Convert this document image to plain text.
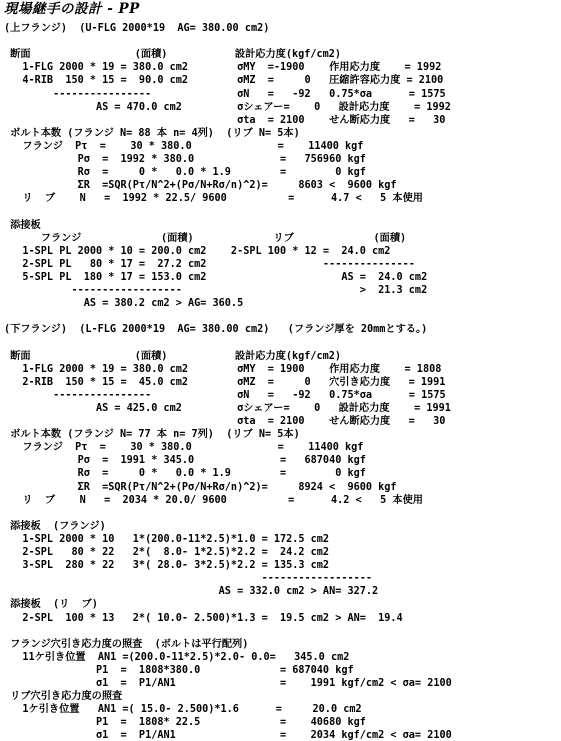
現場継手の設計 - PP
(上フランジ)  (U-FLG 2000*19  AG= 380.00 cm2)
断面                 (面積)           設計応力度(kgf/cm2)
1-FLG 2000 * 19 = 380.0 cm2        σMY  =-1900    作用応力度    = 1992
4-RIB  150 * 15 =  90.0 cm2        σMZ  =     0   圧縮許容応力度 = 2100
----------------              σN   =   -92   0.75*σa      = 1575
AS = 470.0 cm2         σシェアー=    0   設計応力度    = 1992
σta  = 2100    せん断応力度   =   30
ボルト本数 (フランジ N= 88 本 n= 4列)  (リブ N= 5本)
フランジ  Pτ  =    30 * 380.0              =    11400 kgf
Pσ  =  1992 * 380.0              =   756960 kgf
Rσ  =     0 *   0.0 * 1.9        =        0 kgf
ΣR  =SQR(Pτ/N^2+(Pσ/N+Rσ/n)^2)=     8603 <  9600 kgf
リ  ブ    N   =  1992 * 22.5/ 9600          =      4.7 <   5 本使用
添接板
フランジ             (面積)             リブ             (面積)
1-SPL PL 2000 * 10 = 200.0 cm2    2-SPL 100 * 12 =  24.0 cm2
2-SPL PL   80 * 17 =  27.2 cm2                   ---------------
5-SPL PL  180 * 17 = 153.0 cm2                      AS =  24.0 cm2
------------------                             >  21.3 cm2
AS = 380.2 cm2 > AG= 360.5
(下フランジ)  (L-FLG 2000*19  AG= 380.00 cm2)   (フランジ厚を 20mmとする。)
断面                 (面積)           設計応力度(kgf/cm2)
1-FLG 2000 * 19 = 380.0 cm2        σMY  = 1900    作用応力度    = 1808
2-RIB  150 * 15 =  45.0 cm2        σMZ  =     0   穴引き応力度   = 1991
----------------              σN   =   -92   0.75*σa      = 1575
AS = 425.0 cm2         σシェアー=    0   設計応力度    = 1991
σta  = 2100    せん断応力度   =   30
ボルト本数 (フランジ N= 77 本 n= 7列)  (リブ N= 5本)
フランジ  Pτ  =    30 * 380.0              =    11400 kgf
Pσ  =  1991 * 345.0              =   687040 kgf
Rσ  =     0 *   0.0 * 1.9        =        0 kgf
ΣR  =SQR(Pτ/N^2+(Pσ/N+Rσ/n)^2)=     8924 <  9600 kgf
リ  ブ    N   =  2034 * 20.0/ 9600          =      4.2 <   5 本使用
添接板  (フランジ)
1-SPL 2000 * 10   1*(200.0-11*2.5)*1.0 = 172.5 cm2
2-SPL   80 * 22   2*(  8.0- 1*2.5)*2.2 =  24.2 cm2
3-SPL  280 * 22   3*( 28.0- 3*2.5)*2.2 = 135.3 cm2
------------------
AS = 332.0 cm2 > AN= 327.2
添接板  (リ  ブ)
2-SPL  100 * 13   2*( 10.0- 2.500)*1.3 =  19.5 cm2 > AN=  19.4
フランジ穴引き応力度の照査  (ボルトは平行配列)
11ケ引き位置  AN1 =(200.0-11*2.5)*2.0- 0.0=   345.0 cm2
P1  =  1808*380.0             = 687040 kgf
σ1  =  P1/AN1                 =    1991 kgf/cm2 < σa= 2100
リブ穴引き応力度の照査
1ケ引き位置   AN1 =( 15.0- 2.500)*1.6      =     20.0 cm2
P1  =  1808* 22.5             =    40680 kgf
σ1  =  P1/AN1                 =    2034 kgf/cm2 < σa= 2100
